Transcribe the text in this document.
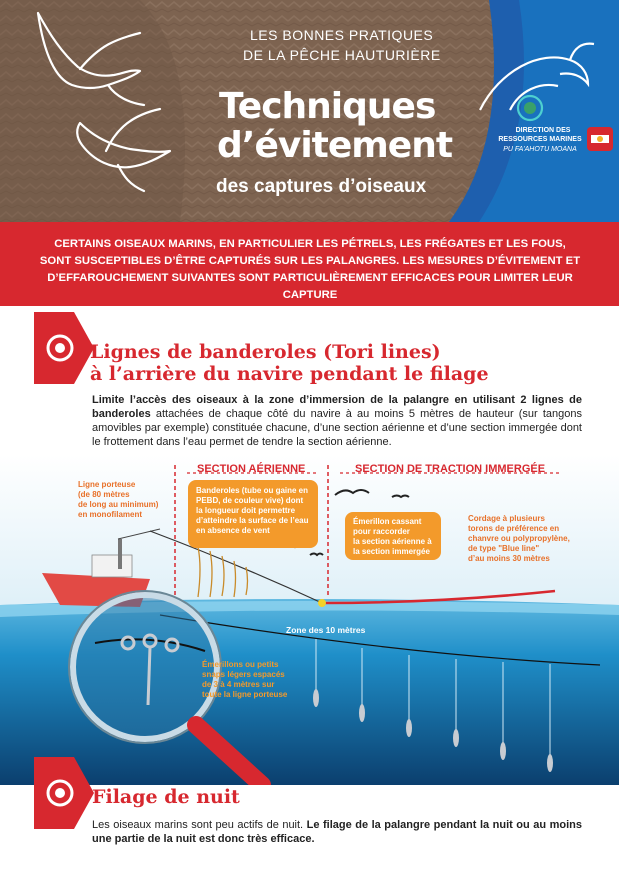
LES BONNES PRATIQUES
DE LA PÊCHE HAUTURIÈRE
Techniques
d’évitement
des captures d’oiseaux
DIRECTION DES
RESSOURCES MARINES
PU FA’AHOTU MOANA
CERTAINS OISEAUX MARINS, EN PARTICULIER LES PÉTRELS, LES FRÉGATES ET LES FOUS,
SONT SUSCEPTIBLES D’ÊTRE CAPTURÉS SUR LES PALANGRES. LES MESURES D’ÉVITEMENT ET
D’EFFAROUCHEMENT SUIVANTES SONT PARTICULIÈREMENT EFFICACES POUR LIMITER LEUR CAPTURE
Lignes de banderoles (Tori lines)
à l’arrière du navire pendant le filage
Limite l’accès des oiseaux à la zone d’immersion de la palangre en utilisant 2 lignes de banderoles attachées de chaque côté du navire à au moins 5 mètres de hauteur (sur tangons amovibles par exemple) constituée chacune, d’une section aérienne et d’une section immergée dont le frottement dans l’eau permet de tendre la section aérienne.
SECTION AÉRIENNE	SECTION DE TRACTION IMMERGÉE
Ligne porteuse
(de 80 mètres
de long au minimum)
en monofilament
Banderoles (tube ou gaine en
PEBD, de couleur vive) dont
la longueur doit permettre
d’atteindre la surface de l’eau
en absence de vent
Émerillon cassant
pour raccorder
la section aérienne à
la section immergée
Cordage à plusieurs
torons de préférence en
chanvre ou polypropylène,
de type "Blue line"
d’au moins 30 mètres
Zone des 10 mètres
Émerillons ou petits
snaps légers espacés
de 3 à 4 mètres sur
toute la ligne porteuse
Filage de nuit
Les oiseaux marins sont peu actifs de nuit. Le filage de la palangre pendant la nuit ou au moins une partie de la nuit est donc très efficace.
